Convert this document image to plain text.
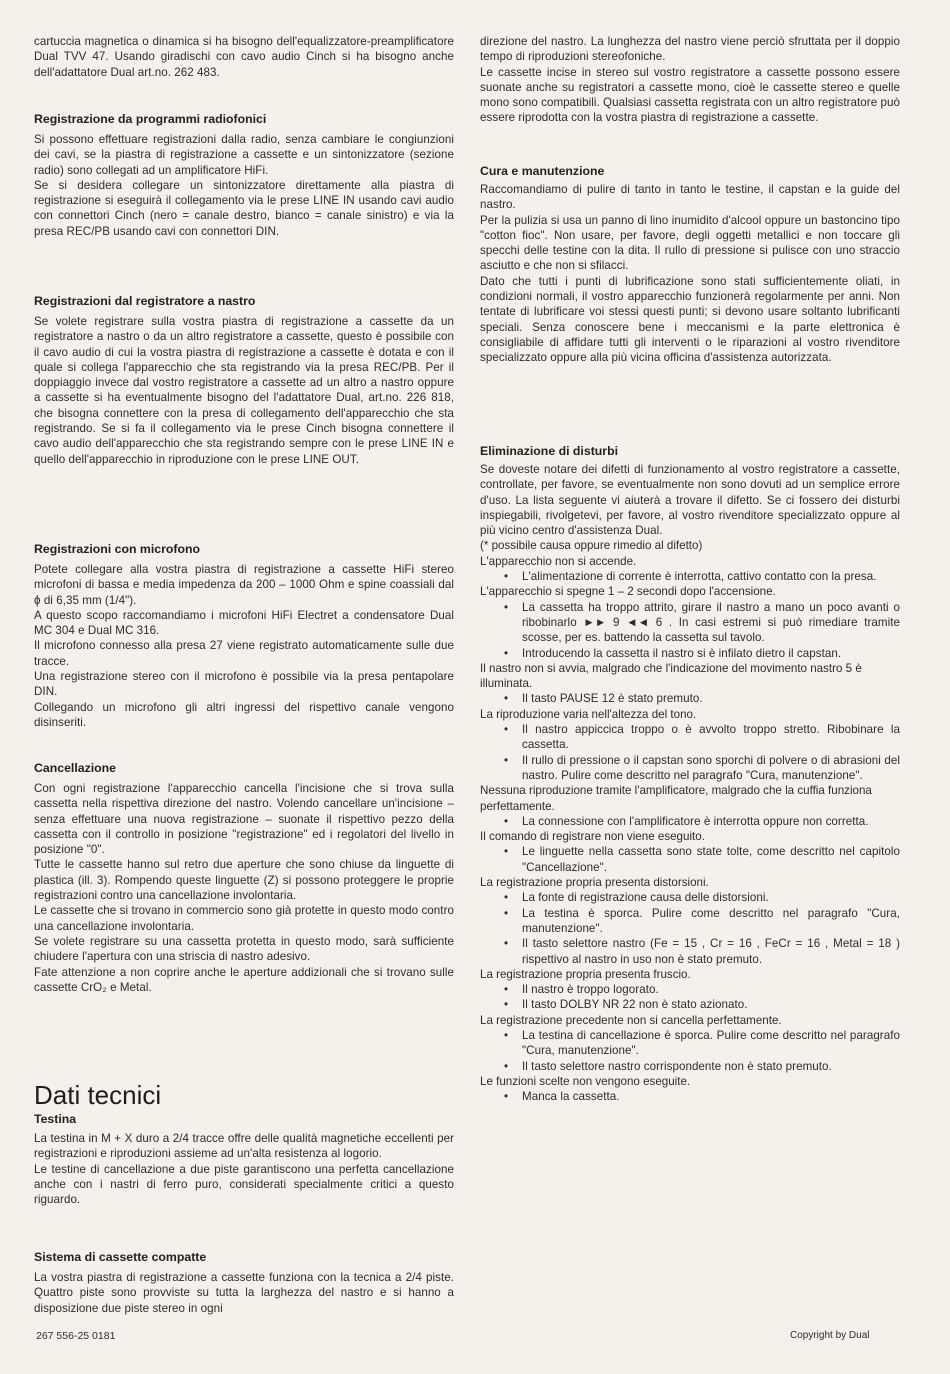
cartuccia magnetica o dinamica si ha bisogno dell'equalizzatore-preamplificatore Dual TVV 47. Usando giradischi con cavo audio Cinch si ha bisogno anche dell'adattatore Dual art.no. 262 483.

Registrazione da programmi radiofonici

Si possono effettuare registrazioni dalla radio, senza cambiare le congiunzioni dei cavi, se la piastra di registrazione a cassette e un sintonizzatore (sezione radio) sono collegati ad un amplificatore HiFi.

Se si desidera collegare un sintonizzatore direttamente alla piastra di registrazione si eseguirà il collegamento via le prese LINE IN usando cavi audio con connettori Cinch (nero = canale destro, bianco = canale sinistro) e via la presa REC/PB usando cavi con connettori DIN.

Registrazioni dal registratore a nastro

Se volete registrare sulla vostra piastra di registrazione a cassette da un registratore a nastro o da un altro registratore a cassette, questo è possibile con il cavo audio di cui la vostra piastra di registrazione a cassette è dotata e con il quale si collega l'apparecchio che sta registrando via la presa REC/PB. Per il doppiaggio invece dal vostro registratore a cassette ad un altro a nastro oppure a cassette si ha eventualmente bisogno del l'adattatore Dual, art.no. 226 818, che bisogna connettere con la presa di collegamento dell'apparecchio che sta registrando. Se si fa il collegamento via le prese Cinch bisogna connettere il cavo audio dell'apparecchio che sta registrando sempre con le prese LINE IN e quello dell'apparecchio in riproduzione con le prese LINE OUT.

Registrazioni con microfono

Potete collegare alla vostra piastra di registrazione a cassette HiFi stereo microfoni di bassa e media impedenza da 200 – 1000 Ohm e spine coassiali dal ϕ di 6,35 mm (1/4").

A questo scopo raccomandiamo i microfoni HiFi Electret a condensatore Dual MC 304 e Dual MC 316.

Il microfono connesso alla presa 27 viene registrato automaticamente sulle due tracce.

Una registrazione stereo con il microfono è possibile via la presa pentapolare DIN.

Collegando un microfono gli altri ingressi del rispettivo canale vengono disinseriti.

Cancellazione

Con ogni registrazione l'apparecchio cancella l'incisione che si trova sulla cassetta nella rispettiva direzione del nastro. Volendo cancellare un'incisione – senza effettuare una nuova registrazione – suonate il rispettivo pezzo della cassetta con il controllo in posizione "registrazione" ed i regolatori del livello in posizione "0".

Tutte le cassette hanno sul retro due aperture che sono chiuse da linguette di plastica (ill. 3). Rompendo queste linguette (Z) si possono proteggere le proprie registrazioni contro una cancellazione involontaria.

Le cassette che si trovano in commercio sono già protette in questo modo contro una cancellazione involontaria.

Se volete registrare su una cassetta protetta in questo modo, sarà sufficiente chiudere l'apertura con una striscia di nastro adesivo.

Fate attenzione a non coprire anche le aperture addizionali che si trovano sulle cassette CrO₂ e Metal.

Dati tecnici
Testina

La testina in M + X duro a 2/4 tracce offre delle qualità magnetiche eccellenti per registrazioni e riproduzioni assieme ad un'alta resistenza al logorio.

Le testine di cancellazione a due piste garantiscono una perfetta cancellazione anche con i nastri di ferro puro, considerati specialmente critici a questo riguardo.

Sistema di cassette compatte

La vostra piastra di registrazione a cassette funziona con la tecnica a 2/4 piste. Quattro piste sono provviste su tutta la larghezza del nastro e si hanno a disposizione due piste stereo in ogni

direzione del nastro. La lunghezza del nastro viene perciò sfruttata per il doppio tempo di riproduzioni stereofoniche.

Le cassette incise in stereo sul vostro registratore a cassette possono essere suonate anche su registratori a cassette mono, cioè le cassette stereo e quelle mono sono compatibili. Qualsiasi cassetta registrata con un altro registratore può essere riprodotta con la vostra piastra di registrazione a cassette.

Cura e manutenzione

Raccomandiamo di pulire di tanto in tanto le testine, il capstan e la guide del nastro.

Per la pulizia si usa un panno di lino inumidito d'alcool oppure un bastoncino tipo "cotton fioc". Non usare, per favore, degli oggetti metallici e non toccare gli specchi delle testine con la dita. Il rullo di pressione si pulisce con uno straccio asciutto e che non si sfilacci.

Dato che tutti i punti di lubrificazione sono stati sufficientemente oliati, in condizioni normali, il vostro apparecchio funzionerà regolarmente per anni. Non tentate di lubrificare voi stessi questi punti; si devono usare soltanto lubrificanti speciali. Senza conoscere bene i meccanismi e la parte elettronica è consigliabile di affidare tutti gli interventi o le riparazioni al vostro rivenditore specializzato oppure alla più vicina officina d'assistenza autorizzata.

Eliminazione di disturbi

Se doveste notare dei difetti di funzionamento al vostro registratore a cassette, controllate, per favore, se eventualmente non sono dovuti ad un semplice errore d'uso. La lista seguente vi aiuterà a trovare il difetto. Se ci fossero dei disturbi inspiegabili, rivolgetevi, per favore, al vostro rivenditore specializzato oppure al più vicino centro d'assistenza Dual.

(* possibile causa oppure rimedio al difetto)
L'apparecchio non si accende.
• L'alimentazione di corrente è interrotta, cattivo contatto con la presa.
L'apparecchio si spegne 1 – 2 secondi dopo l'accensione.
• La cassetta ha troppo attrito, girare il nastro a mano un poco avanti o ribobinarlo ►► 9 ◄◄ 6 . In casi estremi si può rimediare tramite scosse, per es. battendo la cassetta sul tavolo.
• Introducendo la cassetta il nastro si è infilato dietro il capstan.
Il nastro non si avvia, malgrado che l'indicazione del movimento nastro 5 è illuminata.
• Il tasto PAUSE 12 è stato premuto.
La riproduzione varia nell'altezza del tono.
• Il nastro appiccica troppo o è avvolto troppo stretto. Ribobinare la cassetta.
• Il rullo di pressione o il capstan sono sporchi di polvere o di abrasioni del nastro. Pulire come descritto nel paragrafo "Cura, manutenzione".
Nessuna riproduzione tramite l'amplificatore, malgrado che la cuffia funziona perfettamente.
• La connessione con l'amplificatore è interrotta oppure non corretta.
Il comando di registrare non viene eseguito.
• Le linguette nella cassetta sono state tolte, come descritto nel capitolo "Cancellazione".
La registrazione propria presenta distorsioni.
• La fonte di registrazione causa delle distorsioni.
• La testina è sporca. Pulire come descritto nel paragrafo "Cura, manutenzione".
• Il tasto selettore nastro (Fe = 15 , Cr = 16 , FeCr = 16 , Metal = 18 ) rispettivo al nastro in uso non è stato premuto.
La registrazione propria presenta fruscio.
• Il nastro è troppo logorato.
• Il tasto DOLBY NR 22 non è stato azionato.
La registrazione precedente non si cancella perfettamente.
• La testina di cancellazione è sporca. Pulire come descritto nel paragrafo "Cura, manutenzione".
• Il tasto selettore nastro corrispondente non è stato premuto.
Le funzioni scelte non vengono eseguite.
• Manca la cassetta.
267 556-25 0181	Copyright by Dual
